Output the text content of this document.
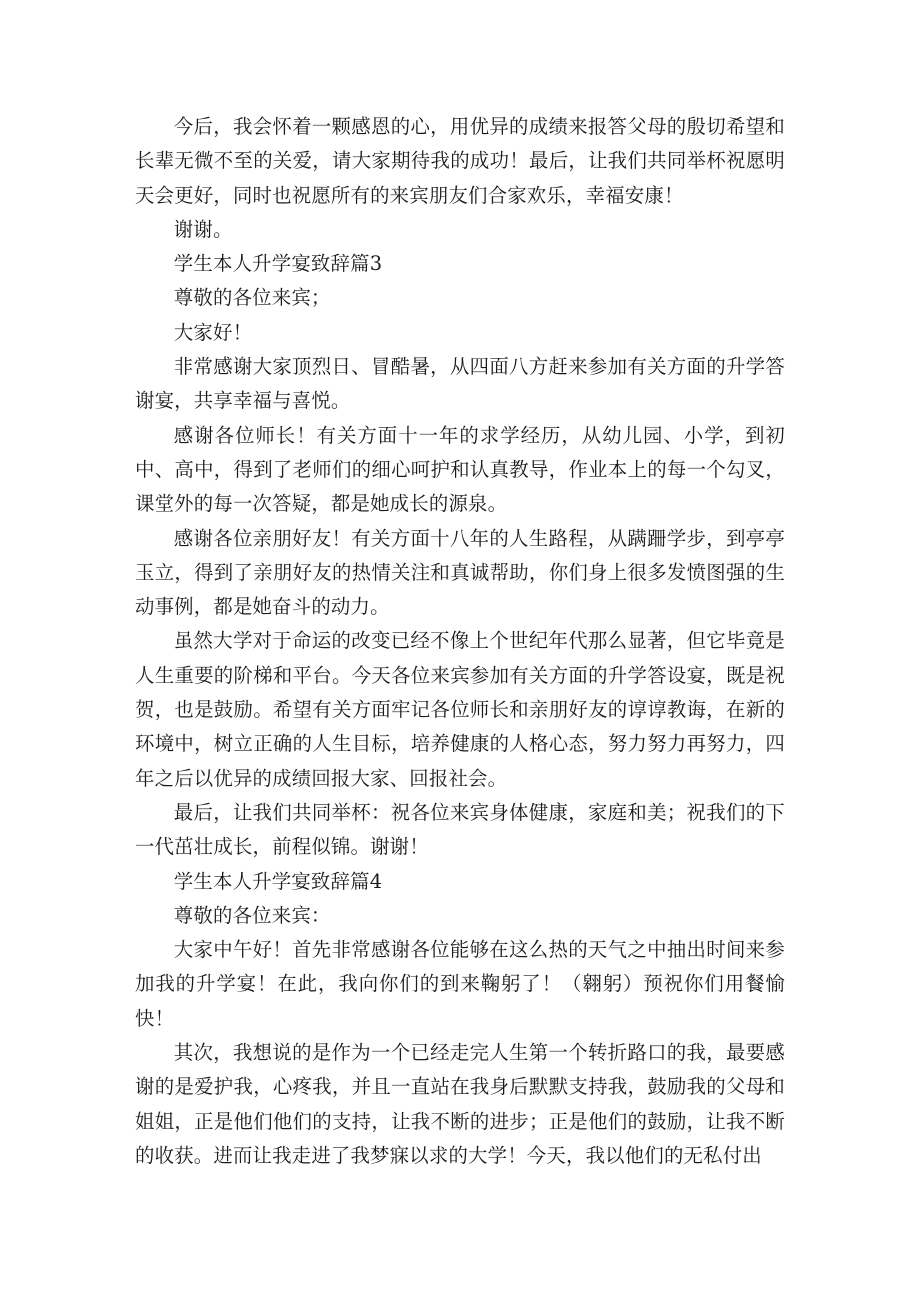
今后，我会怀着一颗感恩的心，用优异的成绩来报答父母的殷切希望和长辈无微不至的关爱，请大家期待我的成功！最后，让我们共同举杯祝愿明天会更好，同时也祝愿所有的来宾朋友们合家欢乐，幸福安康！

谢谢。

学生本人升学宴致辞篇3

尊敬的各位来宾；

大家好！

非常感谢大家顶烈日、冒酷暑，从四面八方赶来参加有关方面的升学答谢宴，共享幸福与喜悦。

感谢各位师长！有关方面十一年的求学经历，从幼儿园、小学，到初中、高中，得到了老师们的细心呵护和认真教导，作业本上的每一个勾叉，课堂外的每一次答疑，都是她成长的源泉。

感谢各位亲朋好友！有关方面十八年的人生路程，从蹒跚学步，到亭亭玉立，得到了亲朋好友的热情关注和真诚帮助，你们身上很多发愤图强的生动事例，都是她奋斗的动力。

虽然大学对于命运的改变已经不像上个世纪年代那么显著，但它毕竟是人生重要的阶梯和平台。今天各位来宾参加有关方面的升学答设宴，既是祝贺，也是鼓励。希望有关方面牢记各位师长和亲朋好友的谆谆教诲，在新的环境中，树立正确的人生目标，培养健康的人格心态，努力努力再努力，四年之后以优异的成绩回报大家、回报社会。

最后，让我们共同举杯：祝各位来宾身体健康，家庭和美；祝我们的下一代茁壮成长，前程似锦。谢谢！

学生本人升学宴致辞篇4

尊敬的各位来宾：

大家中午好！首先非常感谢各位能够在这么热的天气之中抽出时间来参加我的升学宴！在此，我向你们的到来鞠躬了！（翱躬）预祝你们用餐愉快！

其次，我想说的是作为一个已经走完人生第一个转折路口的我，最要感谢的是爱护我，心疼我，并且一直站在我身后默默支持我，鼓励我的父母和姐姐，正是他们他们的支持，让我不断的进步；正是他们的鼓励，让我不断的收获。进而让我走进了我梦寐以求的大学！今天，我以他们的无私付出
